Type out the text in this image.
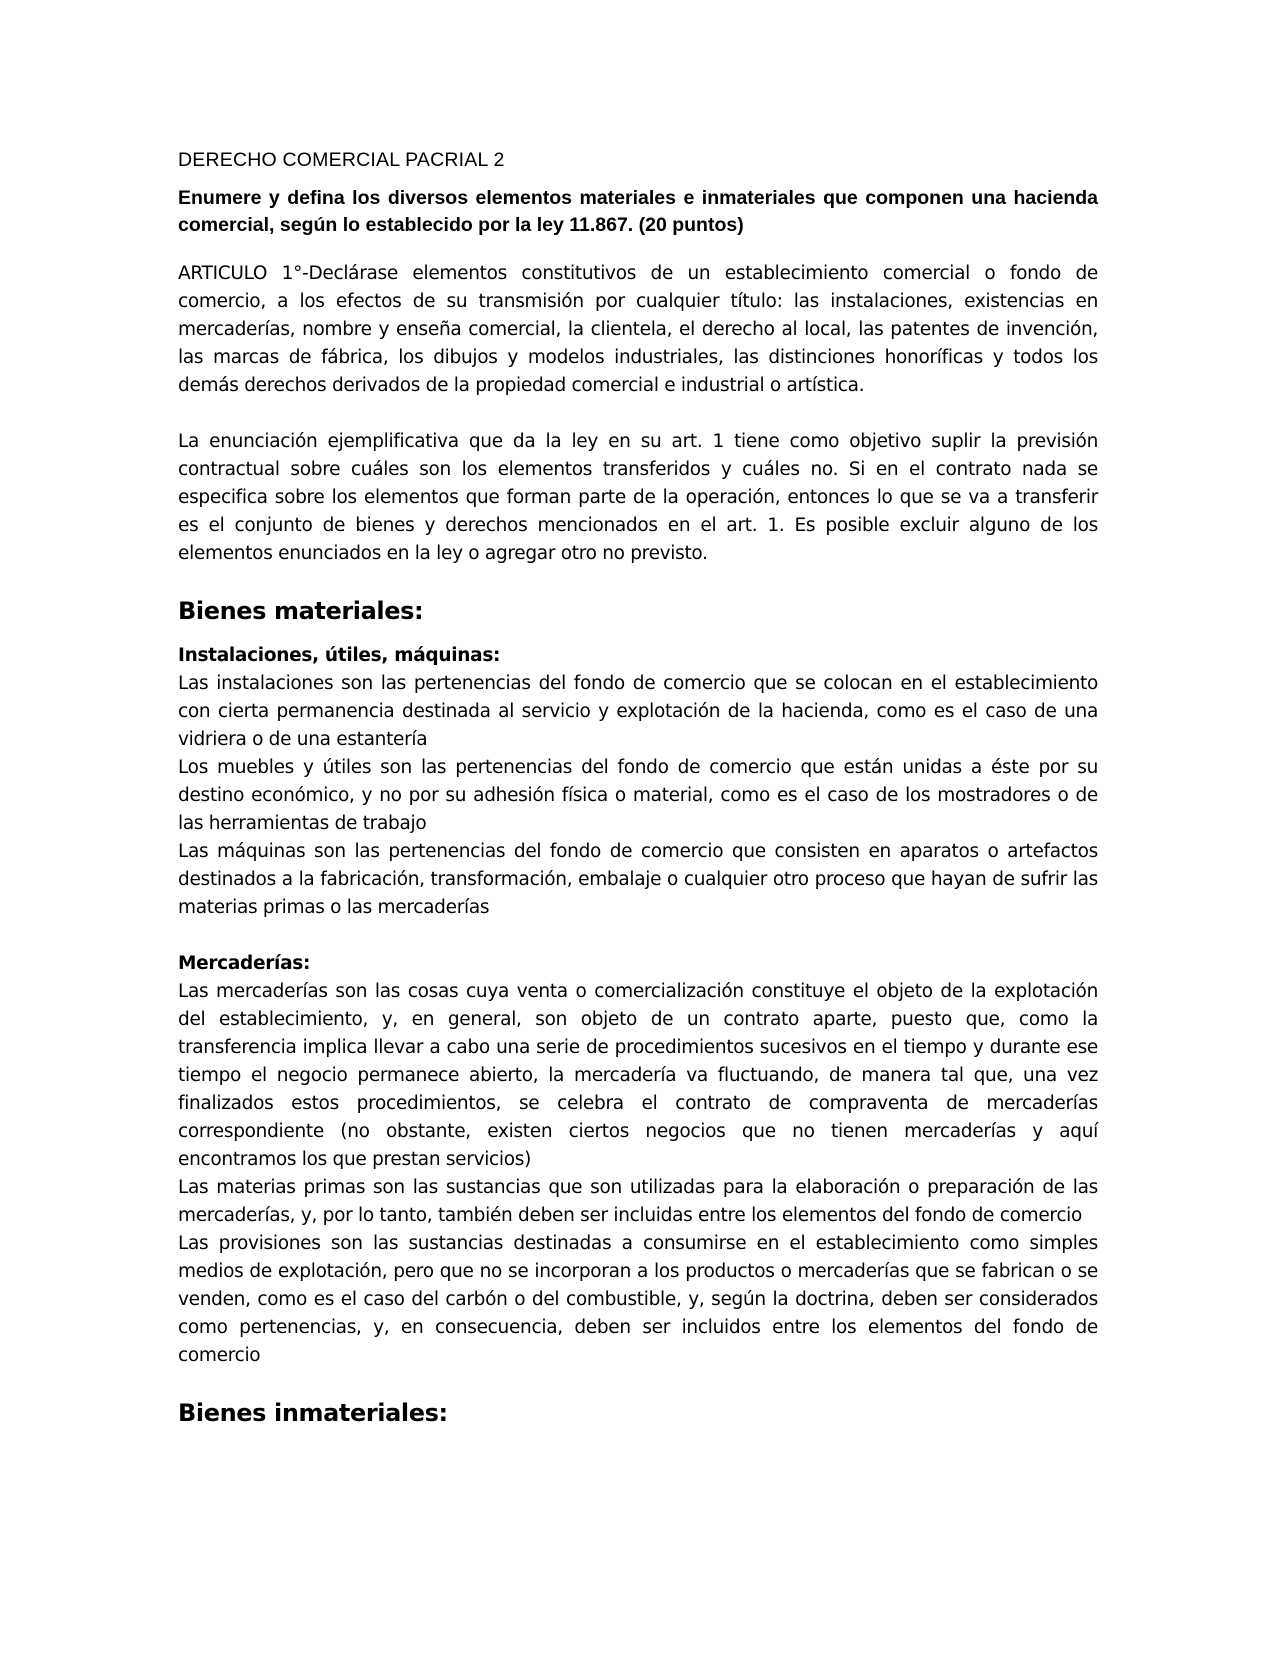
DERECHO COMERCIAL PACRIAL 2

Enumere y defina los diversos elementos materiales e inmateriales que componen una hacienda comercial, según lo establecido por la ley 11.867. (20 puntos)

ARTICULO 1°-Declárase elementos constitutivos de un establecimiento comercial o fondo de comercio, a los efectos de su transmisión por cualquier título: las instalaciones, existencias en mercaderías, nombre y enseña comercial, la clientela, el derecho al local, las patentes de invención, las marcas de fábrica, los dibujos y modelos industriales, las distinciones honoríficas y todos los demás derechos derivados de la propiedad comercial e industrial o artística.

La enunciación ejemplificativa que da la ley en su art. 1 tiene como objetivo suplir la previsión contractual sobre cuáles son los elementos transferidos y cuáles no. Si en el contrato nada se especifica sobre los elementos que forman parte de la operación, entonces lo que se va a transferir es el conjunto de bienes y derechos mencionados en el art. 1. Es posible excluir alguno de los elementos enunciados en la ley o agregar otro no previsto.

Bienes materiales:

Instalaciones, útiles, máquinas:

Las instalaciones son las pertenencias del fondo de comercio que se colocan en el establecimiento con cierta permanencia destinada al servicio y explotación de la hacienda, como es el caso de una vidriera o de una estantería

Los muebles y útiles son las pertenencias del fondo de comercio que están unidas a éste por su destino económico, y no por su adhesión física o material, como es el caso de los mostradores o de las herramientas de trabajo

Las máquinas son las pertenencias del fondo de comercio que consisten en aparatos o artefactos destinados a la fabricación, transformación, embalaje o cualquier otro proceso que hayan de sufrir las materias primas o las mercaderías

Mercaderías:

Las mercaderías son las cosas cuya venta o comercialización constituye el objeto de la explotación del establecimiento, y, en general, son objeto de un contrato aparte, puesto que, como la transferencia implica llevar a cabo una serie de procedimientos sucesivos en el tiempo y durante ese tiempo el negocio permanece abierto, la mercadería va fluctuando, de manera tal que, una vez finalizados estos procedimientos, se celebra el contrato de compraventa de mercaderías correspondiente (no obstante, existen ciertos negocios que no tienen mercaderías y aquí encontramos los que prestan servicios)

Las materias primas son las sustancias que son utilizadas para la elaboración o preparación de las mercaderías, y, por lo tanto, también deben ser incluidas entre los elementos del fondo de comercio

Las provisiones son las sustancias destinadas a consumirse en el establecimiento como simples medios de explotación, pero que no se incorporan a los productos o mercaderías que se fabrican o se venden, como es el caso del carbón o del combustible, y, según la doctrina, deben ser considerados como pertenencias, y, en consecuencia, deben ser incluidos entre los elementos del fondo de comercio

Bienes inmateriales:
